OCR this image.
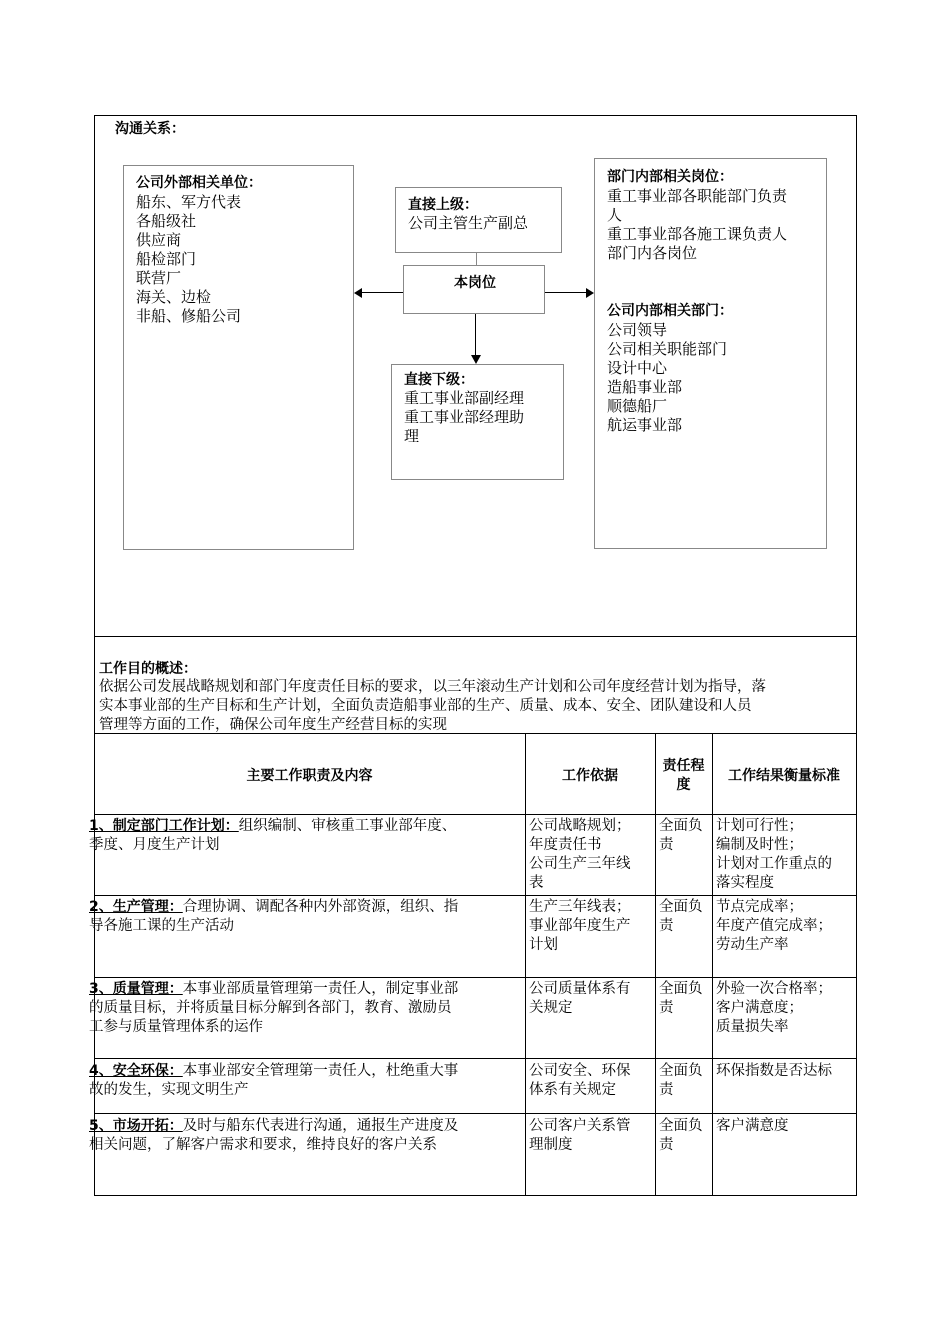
沟通关系：
公司外部相关单位：
船东、军方代表
各船级社
供应商
船检部门
联营厂
海关、边检
非船、修船公司
直接上级：
公司主管生产副总
本岗位
直接下级：
重工事业部副经理
重工事业部经理助
理
部门内部相关岗位：
重工事业部各职能部门负责
人
重工事业部各施工课负责人
部门内各岗位
公司内部相关部门：
公司领导
公司相关职能部门
设计中心
造船事业部
顺德船厂
航运事业部
工作目的概述：
依据公司发展战略规划和部门年度责任目标的要求，以三年滚动生产计划和公司年度经营计划为指导，落
实本事业部的生产目标和生产计划，全面负责造船事业部的生产、质量、成本、安全、团队建设和人员
管理等方面的工作，确保公司年度生产经营目标的实现
主要工作职责及内容	工作依据
责任程
度
工作结果衡量标准
1、制定部门工作计划：组织编制、审核重工事业部年度、
季度、月度生产计划
公司战略规划；
年度责任书
公司生产三年线
表
全面负
责
计划可行性；
编制及时性；
计划对工作重点的
落实程度
2、生产管理：合理协调、调配各种内外部资源，组织、指
导各施工课的生产活动
生产三年线表；
事业部年度生产
计划
全面负
责
节点完成率；
年度产值完成率；
劳动生产率
3、质量管理：本事业部质量管理第一责任人，制定事业部
的质量目标，并将质量目标分解到各部门，教育、激励员
工参与质量管理体系的运作
公司质量体系有
关规定
全面负
责
外验一次合格率；
客户满意度；
质量损失率
4、安全环保：本事业部安全管理第一责任人，杜绝重大事
故的发生，实现文明生产
公司安全、环保
体系有关规定
全面负
责
环保指数是否达标
5、市场开拓：及时与船东代表进行沟通，通报生产进度及
相关问题，了解客户需求和要求，维持良好的客户关系
公司客户关系管
理制度
全面负
责
客户满意度
